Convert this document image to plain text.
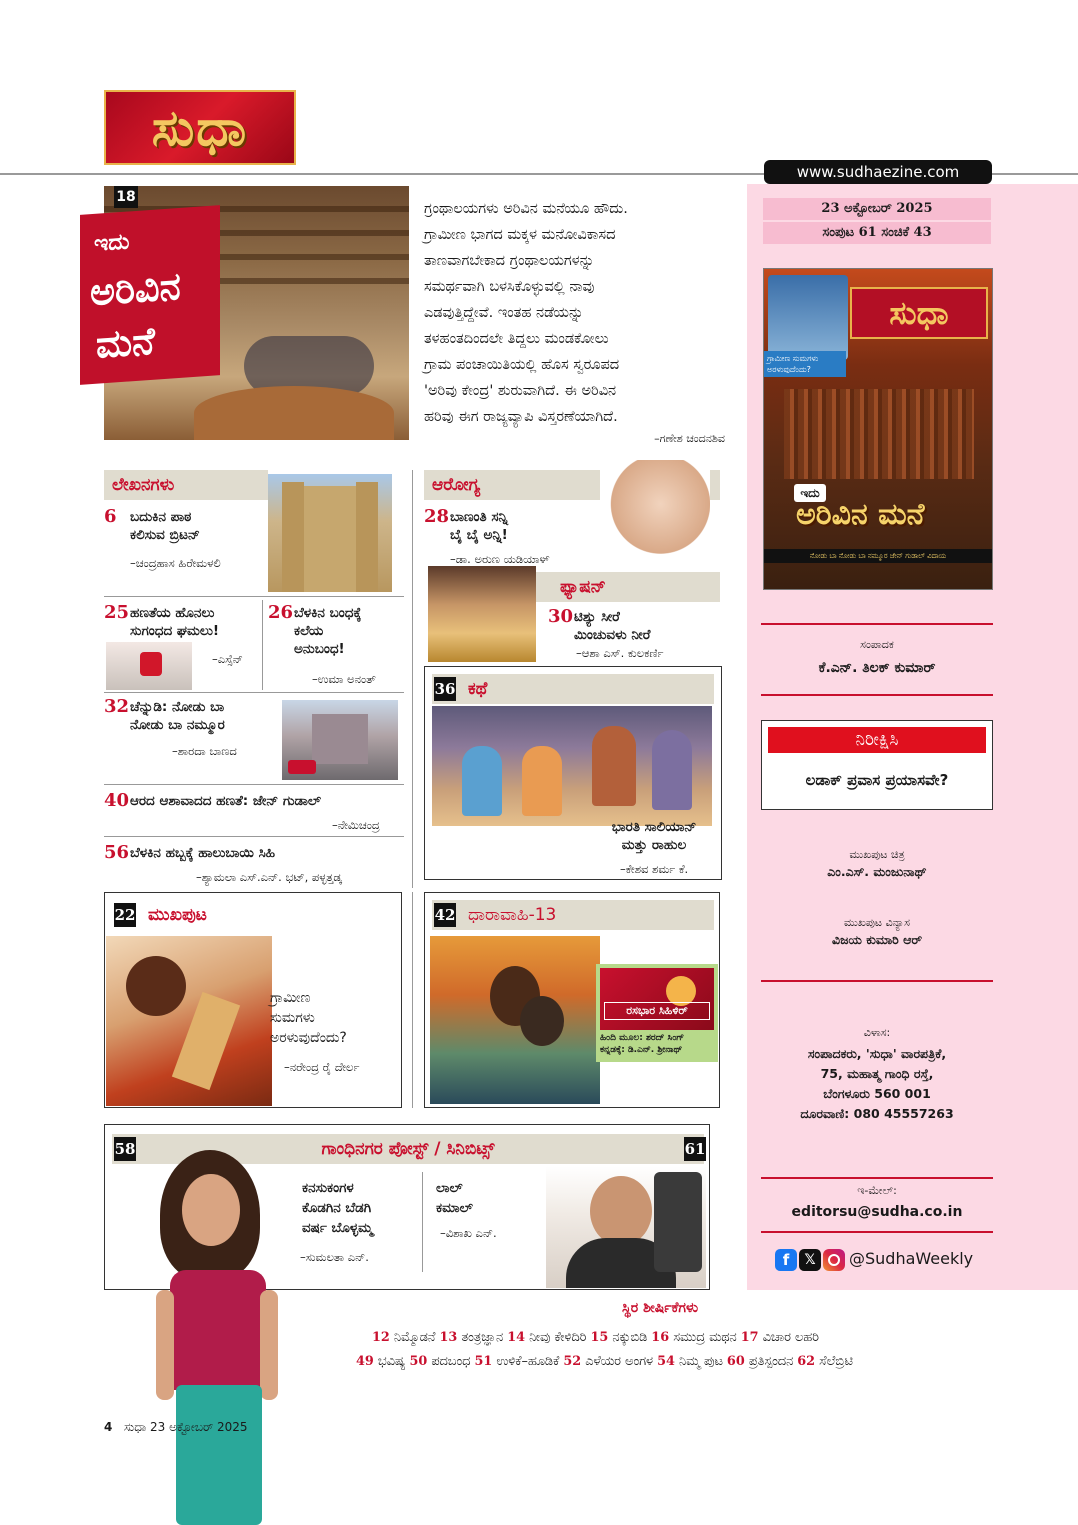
ಸುಧಾ
www.sudhaezine.com
23 ಅಕ್ಟೋಬರ್ 2025
ಸಂಪುಟ 61 ಸಂಚಿಕೆ 43
ಸುಧಾ
ಗ್ರಾಮೀಣ ಸುಮಗಳು ಅರಳುವುದೆಂದು?
ಇದು
ಅರಿವಿನ ಮನೆ
ನೋಡು ಬಾ ನೋಡು ಬಾ ನಮ್ಮೂರ ಜೇನ್ ಗುಡಾಲ್ ವಿದಾಯ
ಸಂಪಾದಕ
ಕೆ.ಎನ್. ತಿಲಕ್ ಕುಮಾರ್
ನಿರೀಕ್ಷಿಸಿ
ಲಡಾಕ್ ಪ್ರವಾಸ ಪ್ರಯಾಸವೇ?
ಮುಖಪುಟ ಚಿತ್ರ
ಎಂ.ಎಸ್. ಮಂಜುನಾಥ್
ಮುಖಪುಟ ವಿನ್ಯಾಸ
ವಿಜಯ ಕುಮಾರಿ ಆರ್
ವಿಳಾಸ:
ಸಂಪಾದಕರು, 'ಸುಧಾ' ವಾರಪತ್ರಿಕೆ,
75, ಮಹಾತ್ಮ ಗಾಂಧಿ ರಸ್ತೆ,
ಬೆಂಗಳೂರು 560 001
ದೂರವಾಣಿ: 080 45557263
ಇ-ಮೇಲ್:
editorsu@sudha.co.in
f	𝕏	@SudhaWeekly
18
ಇದು
ಅರಿವಿನ
ಮನೆ
ಗ್ರಂಥಾಲಯಗಳು ಅರಿವಿನ ಮನೆಯೂ ಹೌದು.
ಗ್ರಾಮೀಣ ಭಾಗದ ಮಕ್ಕಳ ಮನೋವಿಕಾಸದ
ತಾಣವಾಗಬೇಕಾದ ಗ್ರಂಥಾಲಯಗಳನ್ನು
ಸಮರ್ಥವಾಗಿ ಬಳಸಿಕೊಳ್ಳುವಲ್ಲಿ ನಾವು
ಎಡವುತ್ತಿದ್ದೇವೆ. ಇಂತಹ ನಡೆಯನ್ನು
ತಳಹಂತದಿಂದಲೇ ತಿದ್ದಲು ಮಂಡಕೋಲು
ಗ್ರಾಮ ಪಂಚಾಯಿತಿಯಲ್ಲಿ ಹೊಸ ಸ್ವರೂಪದ
'ಅರಿವು ಕೇಂದ್ರ' ಶುರುವಾಗಿದೆ. ಈ ಅರಿವಿನ
ಹರಿವು ಈಗ ರಾಜ್ಯವ್ಯಾಪಿ ವಿಸ್ತರಣೆಯಾಗಿದೆ.
–ಗಣೇಶ ಚಂದನಶಿವ
ಲೇಖನಗಳು
6 ಬದುಕಿನ ಪಾಠ
ಕಲಿಸುವ ಬ್ರಿಟನ್
–ಚಂದ್ರಹಾಸ ಹಿರೇಮಳಲಿ
25 ಹಣತೆಯ ಹೊನಲು
ಸುಗಂಧದ ಘಮಲು!
–ಎಸ್ಸೆನ್
26 ಬೆಳಕಿನ ಬಂಧಕ್ಕೆ
ಕಲೆಯ
ಅನುಬಂಧ!
–ಉಮಾ ಅನಂತ್
32 ಚೆನ್ನುಡಿ: ನೋಡು ಬಾ
ನೋಡು ಬಾ ನಮ್ಮೂರ
–ಶಾರದಾ ಬಾಣದ
40 ಆರದ ಆಶಾವಾದದ ಹಣತೆ: ಜೇನ್ ಗುಡಾಲ್
–ನೇಮಿಚಂದ್ರ
56 ಬೆಳಕಿನ ಹಬ್ಬಕ್ಕೆ ಹಾಲುಬಾಯಿ ಸಿಹಿ
–ಶ್ಯಾಮಲಾ ಎಸ್.ಎನ್. ಭಟ್, ಪಳ್ಳತ್ತಡ್ಕ
ಆರೋಗ್ಯ
28 ಬಾಣಂತಿ ಸನ್ನಿ
ಬೈ ಬೈ ಅನ್ನಿ!
–ಡಾ. ಅರುಣ ಯಡಿಯಾಳ್
ಫ್ಯಾಷನ್
30 ಟಿಶ್ಯು ಸೀರೆ
ಮಿಂಚುವಳು ನೀರೆ
–ಆಶಾ ಎಸ್. ಕುಲಕರ್ಣಿ
ಕಥೆ
36
ಭಾರತಿ ಸಾಲಿಯಾನ್
ಮತ್ತು ರಾಹುಲ
–ಕೇಶವ ಶರ್ಮ ಕೆ.
ಮುಖಪುಟ
22
ಗ್ರಾಮೀಣ
ಸುಮಗಳು
ಅರಳುವುದೆಂದು?
–ನರೇಂದ್ರ ರೈ ದೇರ್ಲ
ಧಾರಾವಾಹಿ-13
42
ರಸಭಾರ ಸಿಹಿಳಿರ್
ಹಿಂದಿ ಮೂಲ: ಶರದ್ ಸಿಂಗ್
ಕನ್ನಡಕ್ಕೆ: ಡಿ.ಎನ್. ಶ್ರೀನಾಥ್
ಗಾಂಧಿನಗರ ಪೋಸ್ಟ್ / ಸಿನಿಬಿಟ್ಸ್
58	61
ಕನಸುಕಂಗಳ
ಕೊಡಗಿನ ಬೆಡಗಿ
ವರ್ಷ ಬೊಳ್ಳಮ್ಮ
–ಸುಮಲತಾ ಎನ್.
ಲಾಲ್
ಕಮಾಲ್
–ವಿಶಾಖ ಎನ್.
ಸ್ಥಿರ ಶೀರ್ಷಿಕೆಗಳು
12 ನಿಮ್ಮೊಡನೆ 13 ತಂತ್ರಜ್ಞಾನ 14 ನೀವು ಕೇಳಿದಿರಿ 15 ನಕ್ಕುಬಿಡಿ 16 ಸಮುದ್ರ ಮಥನ 17 ವಿಚಾರ ಲಹರಿ
49 ಭವಿಷ್ಯ 50 ಪದಬಂಧ 51 ಉಳಿಕೆ–ಹೂಡಿಕೆ 52 ಎಳೆಯರ ಅಂಗಳ 54 ನಿಮ್ಮ ಪುಟ 60 ಪ್ರತಿಸ್ಪಂದನ 62 ಸೆಲೆಬ್ರಿಟಿ
4 ಸುಧಾ 23 ಅಕ್ಟೋಬರ್ 2025
